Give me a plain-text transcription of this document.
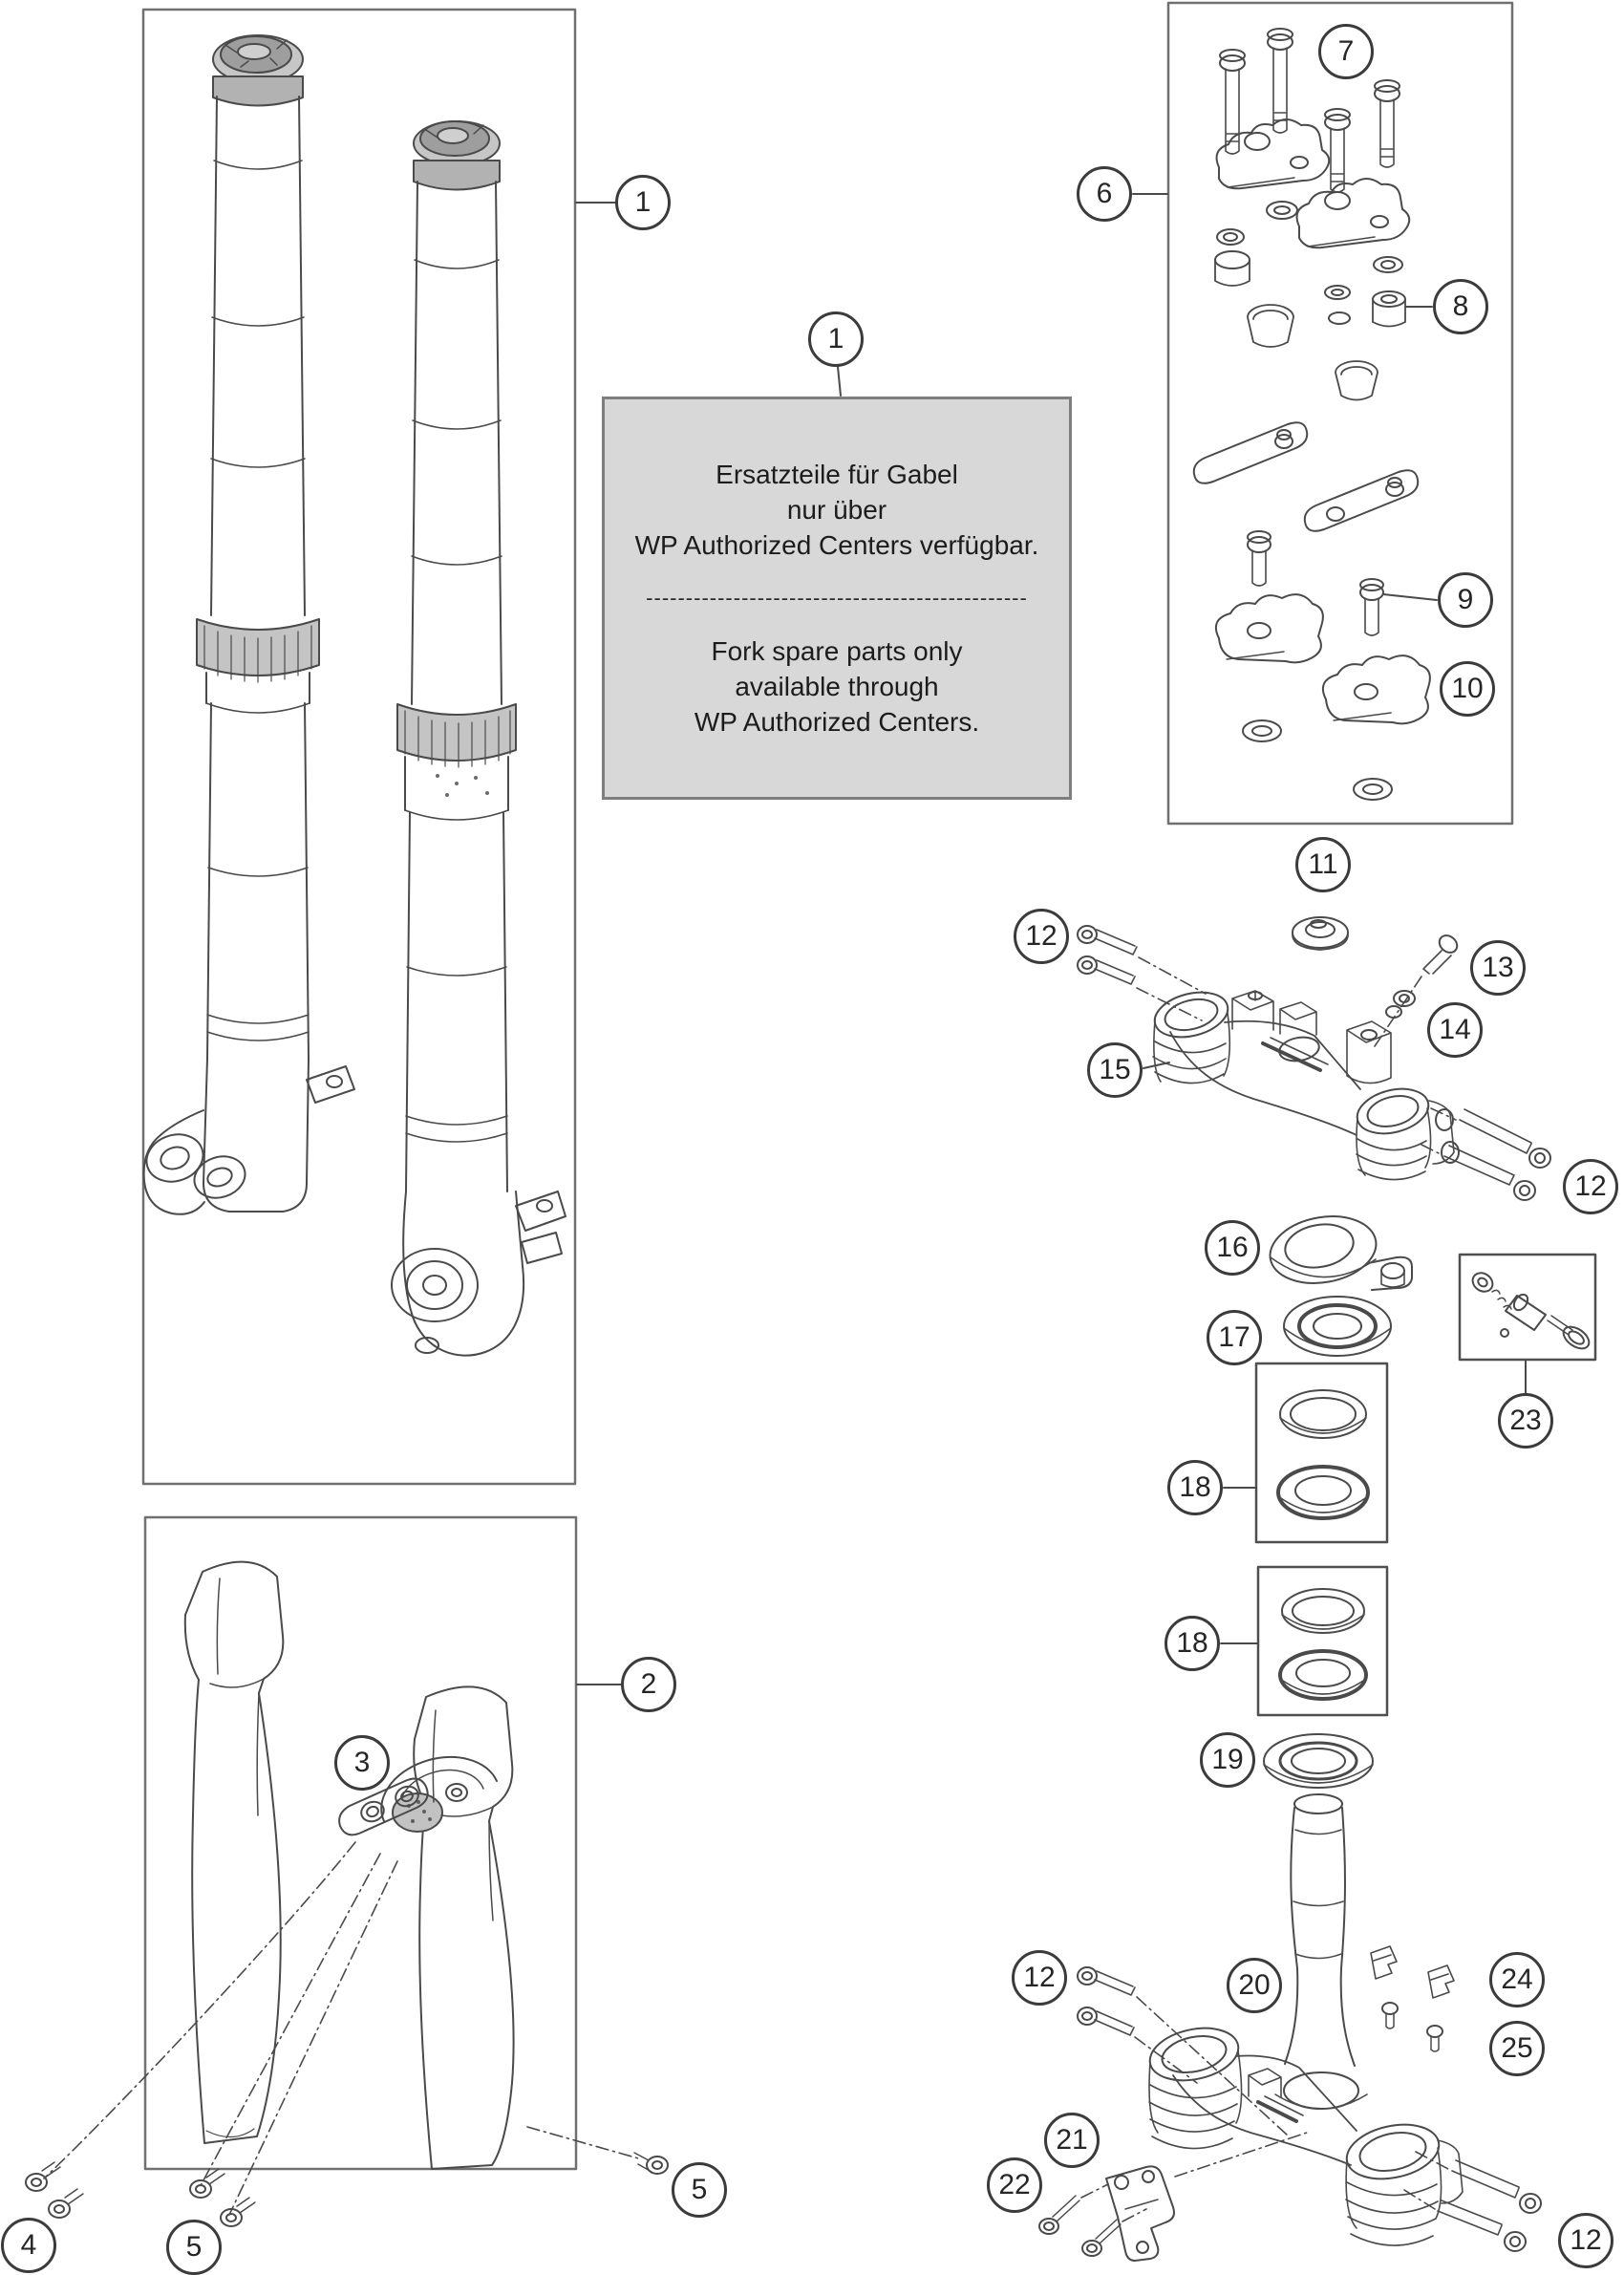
Ersatzteile für Gabel
nur über
WP Authorized Centers verfügbar.
------------------------------------------------
Fork spare parts only
available through
WP Authorized Centers.
1
1
2
3
4	5
5
6
7
8
9
10
11
12
12
13
14
15
16
17
18
18
19
20
21
22
23
12	24
25
12
